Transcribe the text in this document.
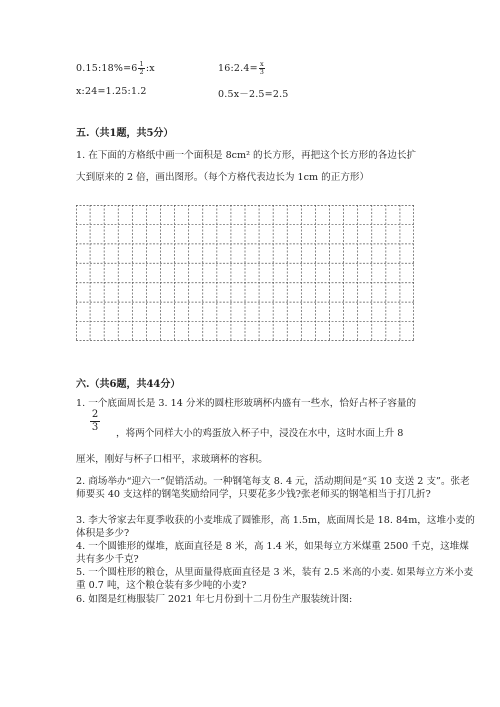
0.15:18%=6 $\frac{1}{2}$ :x	16:2.4= $\frac{x}{3}$
x:24=1.25:1.2	0.5x－2.5=2.5
五.（共1题，共5分）
1. 在下面的方格纸中画一个面积是 8cm² 的长方形，再把这个长方形的各边长扩
大到原来的 2 倍，画出图形。（每个方格代表边长为 1cm 的正方形）
六.（共6题，共44分）
1. 一个底面周长是 3. 14 分米的圆柱形玻璃杯内盛有一些水，恰好占杯子容量的
$\frac{2}{3}$ ，将两个同样大小的鸡蛋放入杯子中，浸没在水中，这时水面上升 8
厘米，刚好与杯子口相平，求玻璃杯的容积。
2. 商场举办“迎六一”促销活动。一种钢笔每支 8. 4 元，活动期间是“买 10 支送 2 支”。张老师要买 40 支这样的钢笔奖励给同学，只要花多少钱?张老师买的钢笔相当于打几折?
3. 李大爷家去年夏季收获的小麦堆成了圆锥形，高 1.5m，底面周长是 18. 84m，这堆小麦的体积是多少?
4. 一个圆锥形的煤堆，底面直径是 8 米，高 1.4 米，如果每立方米煤重 2500 千克，这堆煤共有多少千克?
5. 一个圆柱形的粮仓，从里面量得底面直径是 3 米，装有 2.5 米高的小麦. 如果每立方米小麦重 0.7 吨，这个粮仓装有多少吨的小麦?
6. 如图是红梅服装厂 2021 年七月份到十二月份生产服装统计图:
